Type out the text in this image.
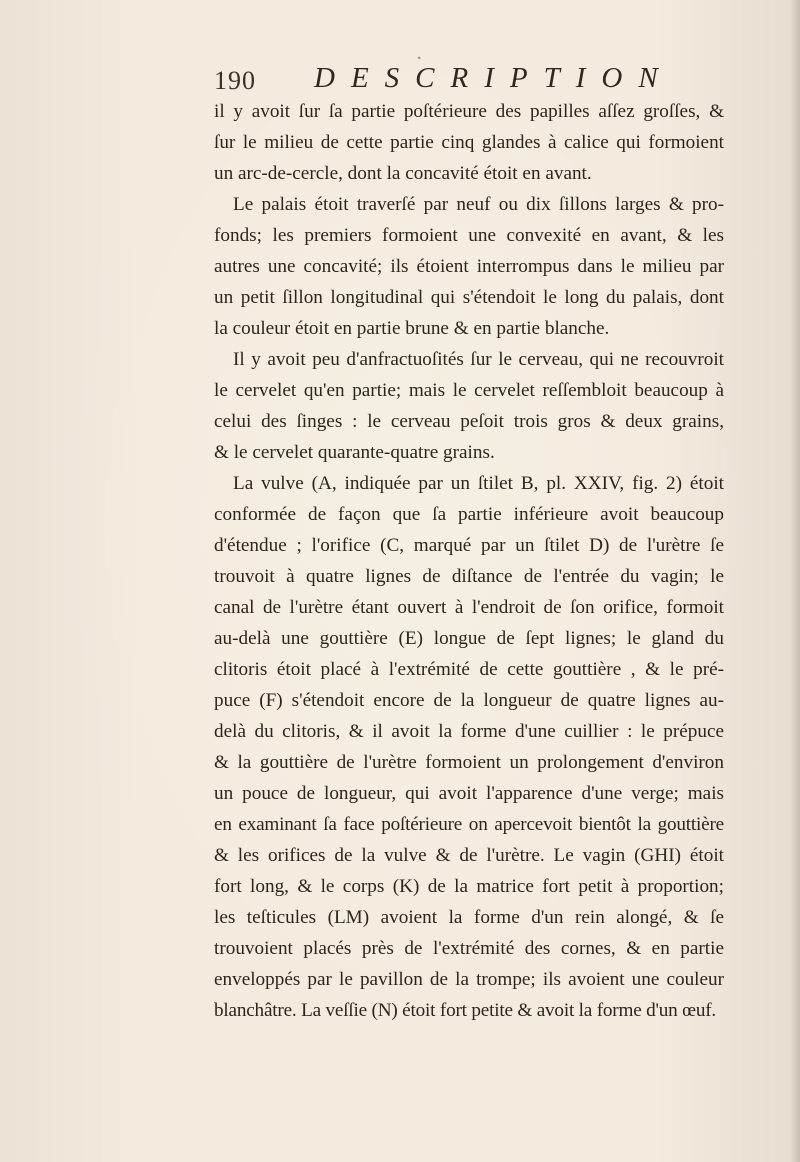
190 DESCRIPTION
•
il y avoit ſur ſa partie poſtérieure des papilles aſſez groſſes, &
ſur le milieu de cette partie cinq glandes à calice qui formoient
un arc-de-cercle, dont la concavité étoit en avant.
Le palais étoit traverſé par neuf ou dix ſillons larges & pro-
fonds; les premiers formoient une convexité en avant, & les
autres une concavité; ils étoient interrompus dans le milieu par
un petit ſillon longitudinal qui s'étendoit le long du palais, dont
la couleur étoit en partie brune & en partie blanche.
Il y avoit peu d'anfractuoſités ſur le cerveau, qui ne recouvroit
le cervelet qu'en partie; mais le cervelet reſſembloit beaucoup à
celui des ſinges : le cerveau peſoit trois gros & deux grains,
& le cervelet quarante-quatre grains.
La vulve (A, indiquée par un ſtilet B, pl. XXIV, fig. 2) étoit
conformée de façon que ſa partie inférieure avoit beaucoup
d'étendue ; l'orifice (C, marqué par un ſtilet D) de l'urètre ſe
trouvoit à quatre lignes de diſtance de l'entrée du vagin; le
canal de l'urètre étant ouvert à l'endroit de ſon orifice, formoit
au-delà une gouttière (E) longue de ſept lignes; le gland du
clitoris étoit placé à l'extrémité de cette gouttière , & le pré-
puce (F) s'étendoit encore de la longueur de quatre lignes au-
delà du clitoris, & il avoit la forme d'une cuillier : le prépuce
& la gouttière de l'urètre formoient un prolongement d'environ
un pouce de longueur, qui avoit l'apparence d'une verge; mais
en examinant ſa face poſtérieure on apercevoit bientôt la gouttière
& les orifices de la vulve & de l'urètre. Le vagin (GHI) étoit
fort long, & le corps (K) de la matrice fort petit à proportion;
les teſticules (LM) avoient la forme d'un rein alongé, & ſe
trouvoient placés près de l'extrémité des cornes, & en partie
enveloppés par le pavillon de la trompe; ils avoient une couleur
blanchâtre. La veſſie (N) étoit fort petite & avoit la forme d'un œuf.
